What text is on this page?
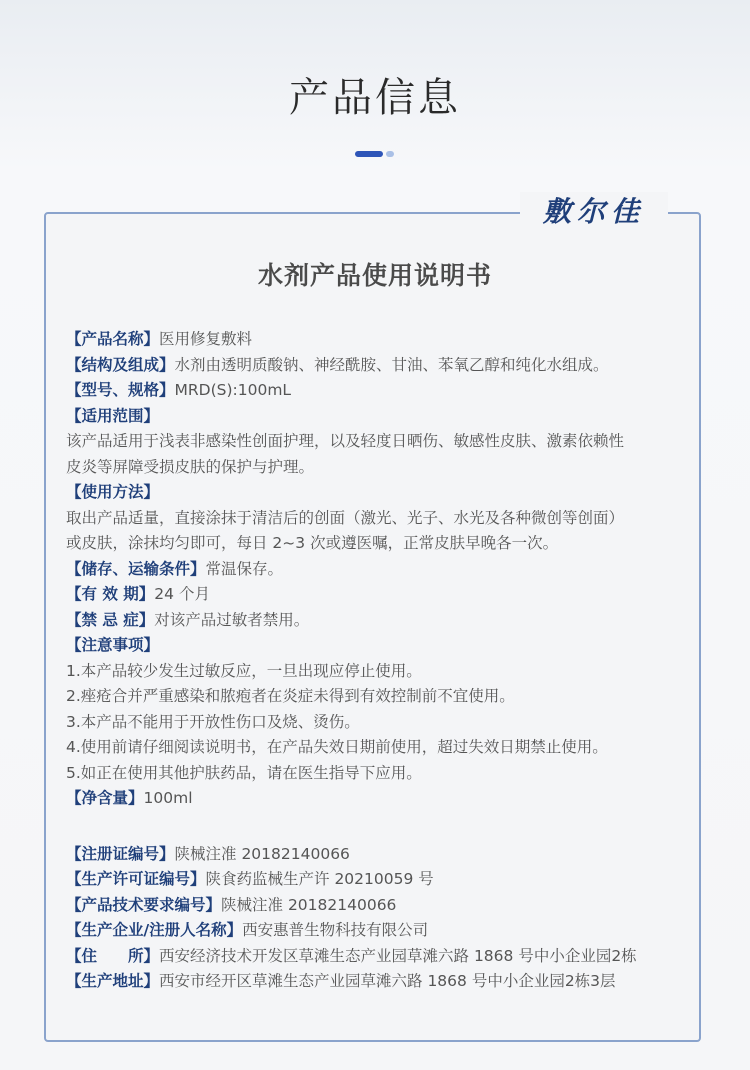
产品信息
敷尔佳
水剂产品使用说明书
【产品名称】医用修复敷料
【结构及组成】水剂由透明质酸钠、神经酰胺、甘油、苯氧乙醇和纯化水组成。
【型号、规格】MRD(S):100mL
【适用范围】
该产品适用于浅表非感染性创面护理，以及轻度日晒伤、敏感性皮肤、激素依赖性
皮炎等屏障受损皮肤的保护与护理。
【使用方法】
取出产品适量，直接涂抹于清洁后的创面（激光、光子、水光及各种微创等创面）
或皮肤，涂抹均匀即可，每日 2~3 次或遵医嘱，正常皮肤早晚各一次。
【储存、运输条件】常温保存。
【有 效 期】24 个月
【禁 忌 症】对该产品过敏者禁用。
【注意事项】
1.本产品较少发生过敏反应，一旦出现应停止使用。
2.痤疮合并严重感染和脓疱者在炎症未得到有效控制前不宜使用。
3.本产品不能用于开放性伤口及烧、烫伤。
4.使用前请仔细阅读说明书，在产品失效日期前使用，超过失效日期禁止使用。
5.如正在使用其他护肤药品，请在医生指导下应用。
【净含量】100ml
【注册证编号】陕械注准 20182140066
【生产许可证编号】陕食药监械生产许 20210059 号
【产品技术要求编号】陕械注准 20182140066
【生产企业/注册人名称】西安惠普生物科技有限公司
【住　　所】西安经济技术开发区草滩生态产业园草滩六路 1868 号中小企业园2栋
【生产地址】西安市经开区草滩生态产业园草滩六路 1868 号中小企业园2栋3层
